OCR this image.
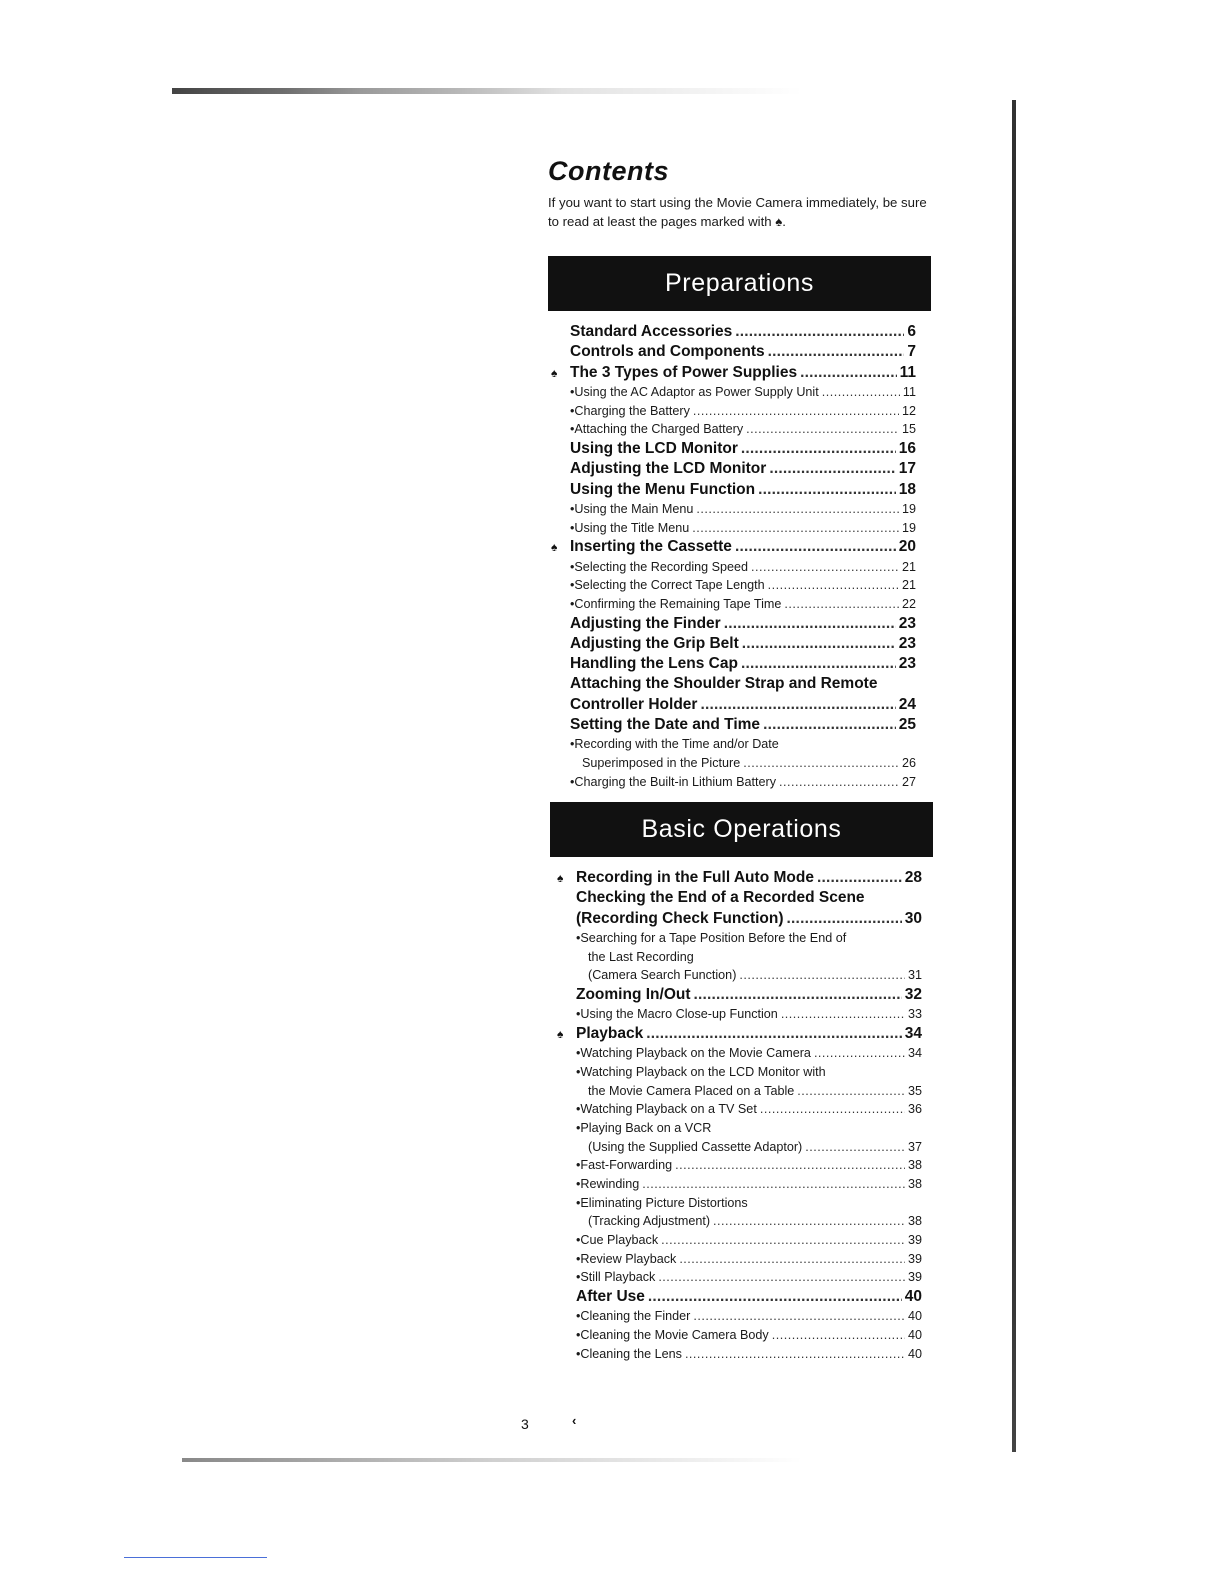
Contents
If you want to start using the Movie Camera immediately, be sure to read at least the pages marked with ♠.
Preparations
Standard Accessories .....	6
Controls and Components .....	7
♠ The 3 Types of Power Supplies .....	11
•Using the AC Adaptor as Power Supply Unit .....	11
•Charging the Battery .....	12
•Attaching the Charged Battery .....	15
Using the LCD Monitor .....	16
Adjusting the LCD Monitor .....	17
Using the Menu Function .....	18
•Using the Main Menu .....	19
•Using the Title Menu .....	19
♠ Inserting the Cassette .....	20
•Selecting the Recording Speed .....	21
•Selecting the Correct Tape Length .....	21
•Confirming the Remaining Tape Time .....	22
Adjusting the Finder .....	23
Adjusting the Grip Belt .....	23
Handling the Lens Cap .....	23
Attaching the Shoulder Strap and Remote
Controller Holder .....	24
Setting the Date and Time .....	25
•Recording with the Time and/or Date
Superimposed in the Picture .....	26
•Charging the Built-in Lithium Battery .....	27
Basic Operations
♠ Recording in the Full Auto Mode .....	28
Checking the End of a Recorded Scene
(Recording Check Function) .....	30
•Searching for a Tape Position Before the End of
the Last Recording
(Camera Search Function) .....	31
Zooming In/Out .....	32
•Using the Macro Close-up Function .....	33
♠ Playback .....	34
•Watching Playback on the Movie Camera .....	34
•Watching Playback on the LCD Monitor with
the Movie Camera Placed on a Table .....	35
•Watching Playback on a TV Set .....	36
•Playing Back on a VCR
(Using the Supplied Cassette Adaptor) .....	37
•Fast-Forwarding .....	38
•Rewinding .....	38
•Eliminating Picture Distortions
(Tracking Adjustment) .....	38
•Cue Playback .....	39
•Review Playback .....	39
•Still Playback .....	39
After Use .....	40
•Cleaning the Finder .....	40
•Cleaning the Movie Camera Body .....	40
•Cleaning the Lens .....	40
3	‹
